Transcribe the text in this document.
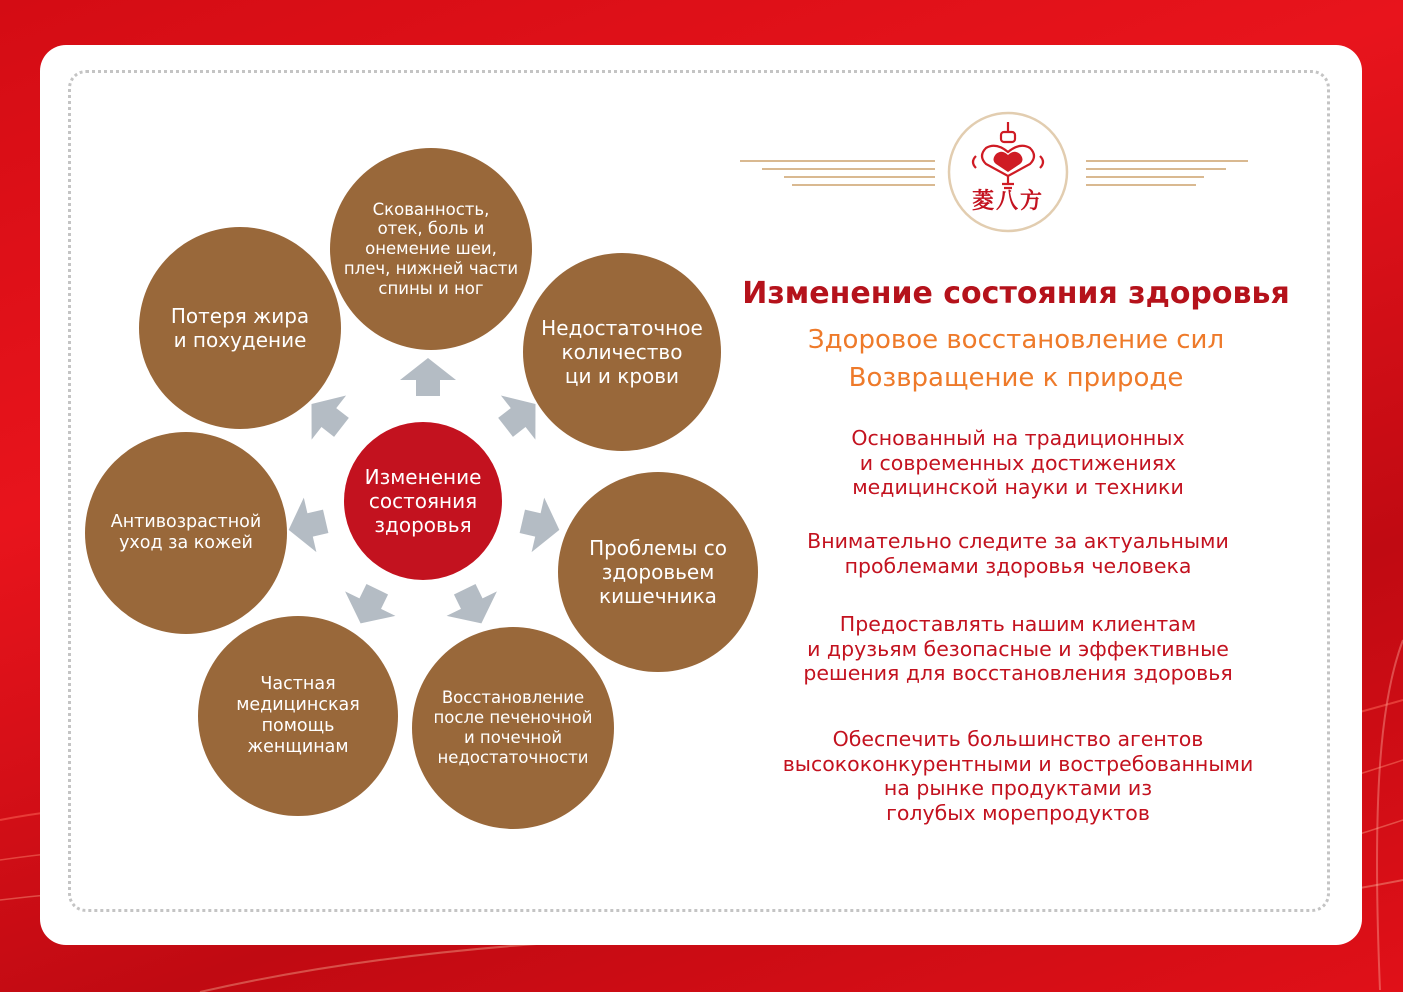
Изменение
состояния
здоровья
Скованность,
отек, боль и
онемение шеи,
плеч, нижней части
спины и ног
Недостаточное
количество
ци и крови
Проблемы со
здоровьем
кишечника
Восстановление
после печеночной
и почечной
недостаточности
Частная
медицинская
помощь
женщинам
Антивозрастной
уход за кожей
Потеря жира
и похудение
菱八方
Изменение состояния здоровья
Здоровое восстановление сил
Возвращение к природе
Основанный на традиционных
и современных достижениях
медицинской науки и техники
Внимательно следите за актуальными
проблемами здоровья человека
Предоставлять нашим клиентам
и друзьям безопасные и эффективные
решения для восстановления здоровья
Обеспечить большинство агентов
высококонкурентными и востребованными
на рынке продуктами из
голубых морепродуктов
